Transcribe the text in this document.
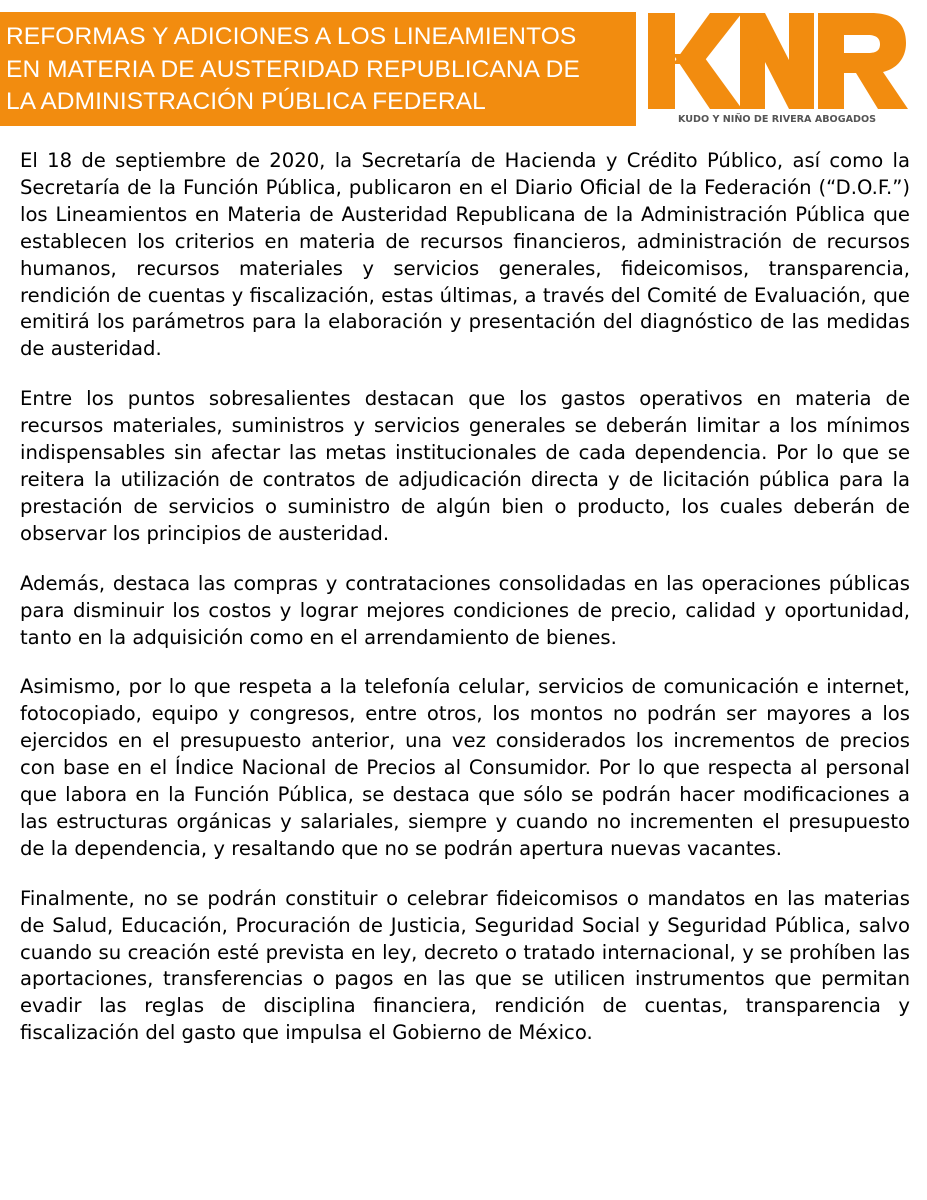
REFORMAS Y ADICIONES A LOS LINEAMIENTOS
EN MATERIA DE AUSTERIDAD REPUBLICANA DE
LA ADMINISTRACIÓN PÚBLICA FEDERAL
KUDO Y NIÑO DE RIVERA ABOGADOS

El 18 de septiembre de 2020, la Secretaría de Hacienda y Crédito Público, así como la Secretaría de la Función Pública, publicaron en el Diario Oficial de la Federación (“D.O.F.”) los Lineamientos en Materia de Austeridad Republicana de la Administración Pública que establecen los criterios en materia de recursos financieros, administración de recursos humanos, recursos materiales y servicios generales, fideicomisos, transparencia, rendición de cuentas y fiscalización, estas últimas, a través del Comité de Evaluación, que emitirá los parámetros para la elaboración y presentación del diagnóstico de las medidas de austeridad.

Entre los puntos sobresalientes destacan que los gastos operativos en materia de recursos materiales, suministros y servicios generales se deberán limitar a los mínimos indispensables sin afectar las metas institucionales de cada dependencia. Por lo que se reitera la utilización de contratos de adjudicación directa y de licitación pública para la prestación de servicios o suministro de algún bien o producto, los cuales deberán de observar los principios de austeridad.

Además, destaca las compras y contrataciones consolidadas en las operaciones públicas para disminuir los costos y lograr mejores condiciones de precio, calidad y oportunidad, tanto en la adquisición como en el arrendamiento de bienes.

Asimismo, por lo que respeta a la telefonía celular, servicios de comunicación e internet, fotocopiado, equipo y congresos, entre otros, los montos no podrán ser mayores a los ejercidos en el presupuesto anterior, una vez considerados los incrementos de precios con base en el Índice Nacional de Precios al Consumidor. Por lo que respecta al personal que labora en la Función Pública, se destaca que sólo se podrán hacer modificaciones a las estructuras orgánicas y salariales, siempre y cuando no incrementen el presupuesto de la dependencia, y resaltando que no se podrán apertura nuevas vacantes.

Finalmente, no se podrán constituir o celebrar fideicomisos o mandatos en las materias de Salud, Educación, Procuración de Justicia, Seguridad Social y Seguridad Pública, salvo cuando su creación esté prevista en ley, decreto o tratado internacional, y se prohíben las aportaciones, transferencias o pagos en las que se utilicen instrumentos que permitan evadir las reglas de disciplina financiera, rendición de cuentas, transparencia y fiscalización del gasto que impulsa el Gobierno de México.
